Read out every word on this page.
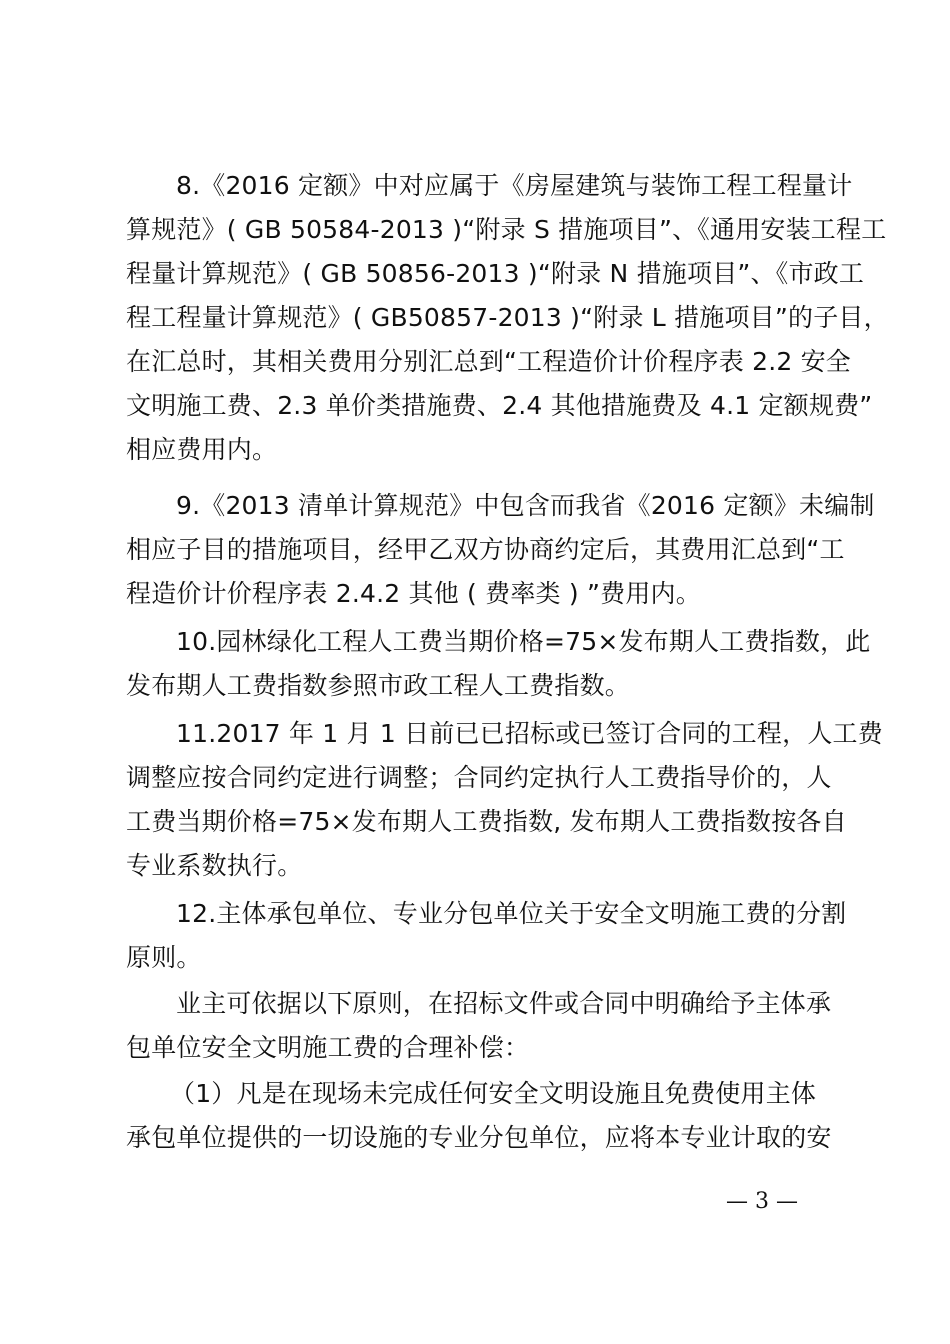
8.《2016 定额》中对应属于《房屋建筑与装饰工程工程量计
算规范》( GB 50584-2013 )“附录 S 措施项目”、《通用安装工程工
程量计算规范》( GB 50856-2013 )“附录 N 措施项目”、《市政工
程工程量计算规范》( GB50857-2013 )“附录 L 措施项目”的子目，
在汇总时，其相关费用分别汇总到“工程造价计价程序表 2.2 安全
文明施工费、2.3 单价类措施费、2.4 其他措施费及 4.1 定额规费”
相应费用内。
9.《2013 清单计算规范》中包含而我省《2016 定额》未编制
相应子目的措施项目，经甲乙双方协商约定后，其费用汇总到“工
程造价计价程序表 2.4.2 其他 ( 费率类 ) ”费用内。
10.园林绿化工程人工费当期价格=75×发布期人工费指数，此
发布期人工费指数参照市政工程人工费指数。
11.2017 年 1 月 1 日前已已招标或已签订合同的工程，人工费
调整应按合同约定进行调整；合同约定执行人工费指导价的，人
工费当期价格=75×发布期人工费指数, 发布期人工费指数按各自
专业系数执行。
12.主体承包单位、专业分包单位关于安全文明施工费的分割
原则。
业主可依据以下原则，在招标文件或合同中明确给予主体承
包单位安全文明施工费的合理补偿：
（1）凡是在现场未完成任何安全文明设施且免费使用主体
承包单位提供的一切设施的专业分包单位，应将本专业计取的安
— 3 —
